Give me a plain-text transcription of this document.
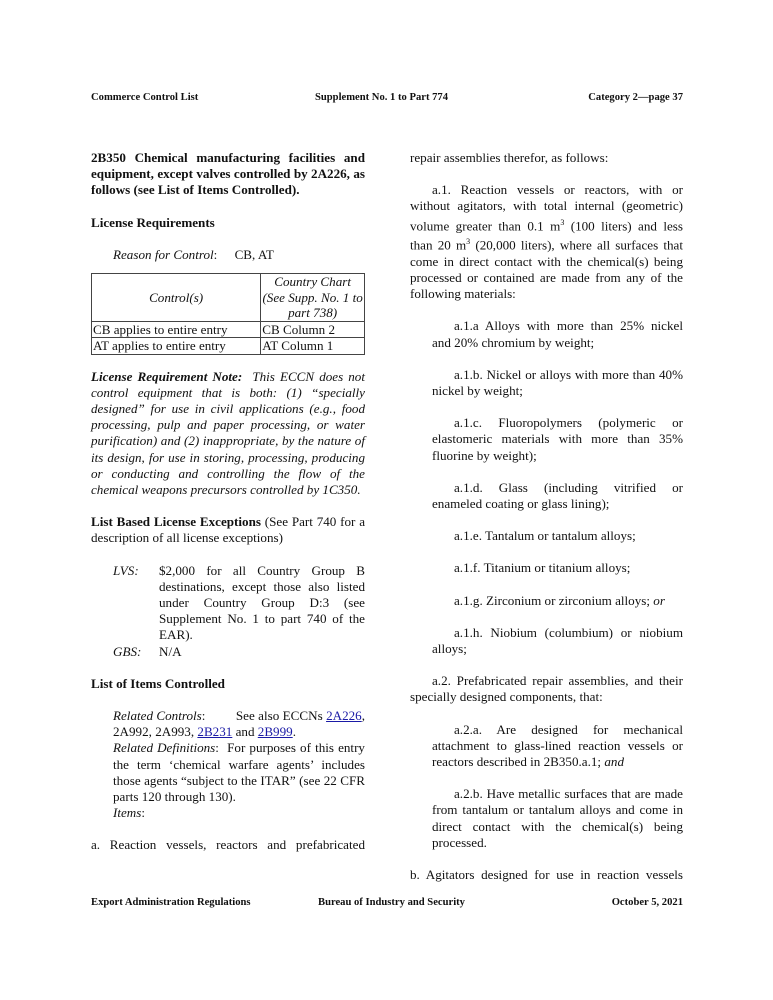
Commerce Control List	Supplement No. 1 to Part 774	Category 2—page 37

2B350 Chemical manufacturing facilities and equipment, except valves controlled by 2A226, as follows (see List of Items Controlled).

License Requirements

Reason for Control: CB, AT

Control(s)	Country Chart (See Supp. No. 1 to part 738)
CB applies to entire entry	CB Column 2
AT applies to entire entry	AT Column 1

License Requirement Note: This ECCN does not control equipment that is both: (1) “specially designed” for use in civil applications (e.g., food processing, pulp and paper processing, or water purification) and (2) inappropriate, by the nature of its design, for use in storing, processing, producing or conducting and controlling the flow of the chemical weapons precursors controlled by 1C350.

List Based License Exceptions (See Part 740 for a description of all license exceptions)

LVS:	$2,000 for all Country Group B destinations, except those also listed under Country Group D:3 (see Supplement No. 1 to part 740 of the EAR).
GBS:	N/A

List of Items Controlled

Related Controls:         See also ECCNs 2A226, 2A992, 2A993, 2B231 and 2B999.

Related Definitions:  For purposes of this entry the term ‘chemical warfare agents’ includes those agents “subject to the ITAR” (see 22 CFR parts 120 through 130).

Items:

a. Reaction vessels, reactors and prefabricated

repair assemblies therefor, as follows:

a.1. Reaction vessels or reactors, with or without agitators, with total internal (geometric) volume greater than 0.1 $m^3$ (100 liters) and less than 20 $m^3$ (20,000 liters), where all surfaces that come in direct contact with the chemical(s) being processed or contained are made from any of the following materials:

a.1.a Alloys with more than 25% nickel and 20% chromium by weight;

a.1.b. Nickel or alloys with more than 40% nickel by weight;

a.1.c. Fluoropolymers (polymeric or elastomeric materials with more than 35% fluorine by weight);

a.1.d. Glass (including vitrified or enameled coating or glass lining);

a.1.e. Tantalum or tantalum alloys;

a.1.f. Titanium or titanium alloys;

a.1.g. Zirconium or zirconium alloys; or

a.1.h. Niobium (columbium) or niobium alloys;

a.2. Prefabricated repair assemblies, and their specially designed components, that:

a.2.a. Are designed for mechanical attachment to glass-lined reaction vessels or reactors described in 2B350.a.1; and

a.2.b. Have metallic surfaces that are made from tantalum or tantalum alloys and come in direct contact with the chemical(s) being processed.

b. Agitators designed for use in reaction vessels

Export Administration Regulations	Bureau of Industry and Security	October 5, 2021
